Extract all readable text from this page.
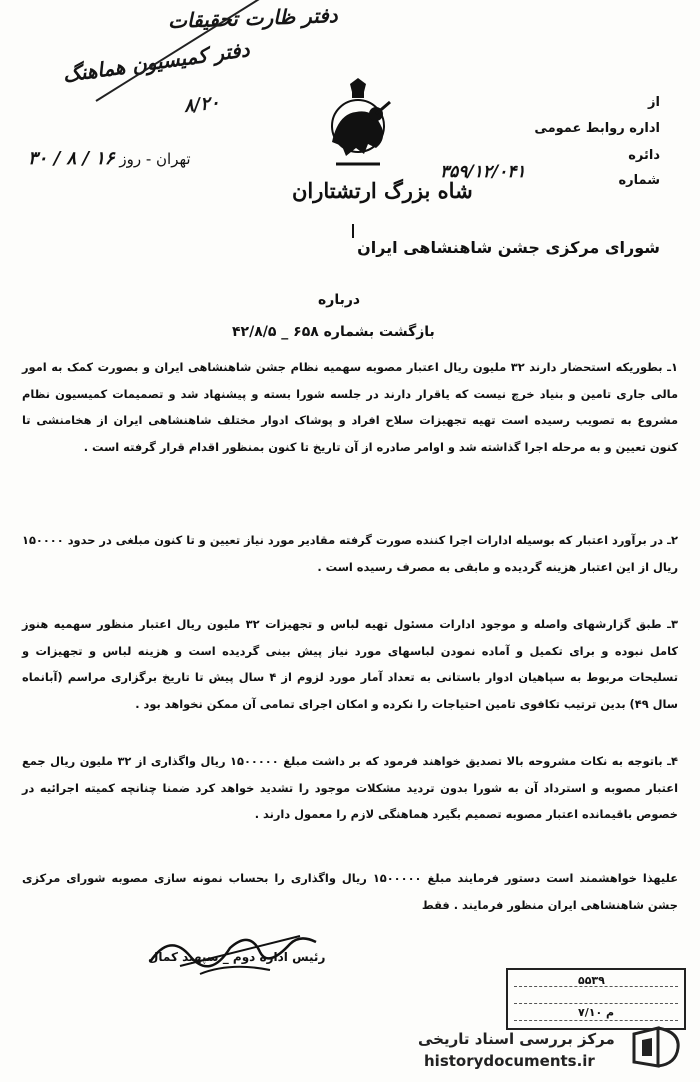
دفتر ظارت تحقیقات
دفتر کمیسیون هماهنگ
۸/۲۰
تهران - روز ۱۶ / ۸ / ۳۰
شاه بزرگ ارتشتاران
از
اداره روابط عمومی
دائره
شماره
۳۵۹/۱۲/۰۴۱
شورای مرکزی جشن شاهنشاهی ایران
درباره
بازگشت بشماره ۶۵۸ _ ۴۲/۸/۵
۱ـ بطوریکه استحضار دارند ۳۲ ملیون ریال اعتبار مصوبه سهمیه نظام جشن شاهنشاهی ایران و بصورت کمک به امور مالی جاری تامین و بنیاد خرچ نیست که یاقرار دارند در جلسه شورا بسته و پیشنهاد شد و تصمیمات کمیسیون نظام مشروع به تصویب رسیده است تهیه تجهیزات سلاح افراد و پوشاک ادوار مختلف شاهنشاهی ایران از هخامنشی تا کنون تعیین و به مرحله اجرا گذاشته شد و اوامر صادره از آن تاریخ تا کنون بمنظور اقدام قرار گرفته است .
۲ـ در برآورد اعتبار که بوسیله ادارات اجرا کننده صورت گرفته مقادیر مورد نیاز تعیین و تا کنون مبلغی در حدود ۱۵۰۰۰۰ ریال از این اعتبار هزینه گردیده و مابقی به مصرف رسیده است .
۳ـ طبق گزارشهای واصله و موجود ادارات مسئول تهیه لباس و تجهیزات ۳۲ ملیون ریال اعتبار منظور سهمیه هنوز کامل نبوده و برای تکمیل و آماده نمودن لباسهای مورد نیاز پیش بینی گردیده است و هزینه لباس و تجهیزات و تسلیحات مربوط به سپاهیان ادوار باستانی به تعداد آمار مورد لزوم از ۴ سال پیش تا تاریخ برگزاری مراسم (آبانماه سال ۴۹) بدین ترتیب تکافوی تامین احتیاجات را نکرده و امکان اجرای تمامی آن ممکن نخواهد بود .
۴ـ باتوجه به نکات مشروحه بالا تصدیق خواهند فرمود که بر داشت مبلغ ۱۵۰۰۰۰۰ ریال واگذاری از ۳۲ ملیون ریال جمع اعتبار مصوبه و استرداد آن به شورا بدون تردید مشکلات موجود را تشدید خواهد کرد ضمنا چنانچه کمیته اجرائیه در خصوص باقیمانده اعتبار مصوبه تصمیم بگیرد هماهنگی لازم را معمول دارند .
علیهذا خواهشمند است دستور فرمایند مبلغ ۱۵۰۰۰۰۰ ریال واگذاری را بحساب نمونه سازی مصوبه شورای مرکزی جشن شاهنشاهی ایران منظور فرمایند . فقط
رئیس اداره دوم _ سپهبد کمال
۵۵۳۹
۷/۱۰ م
مرکز بررسی اسناد تاریخی
historydocuments.ir
